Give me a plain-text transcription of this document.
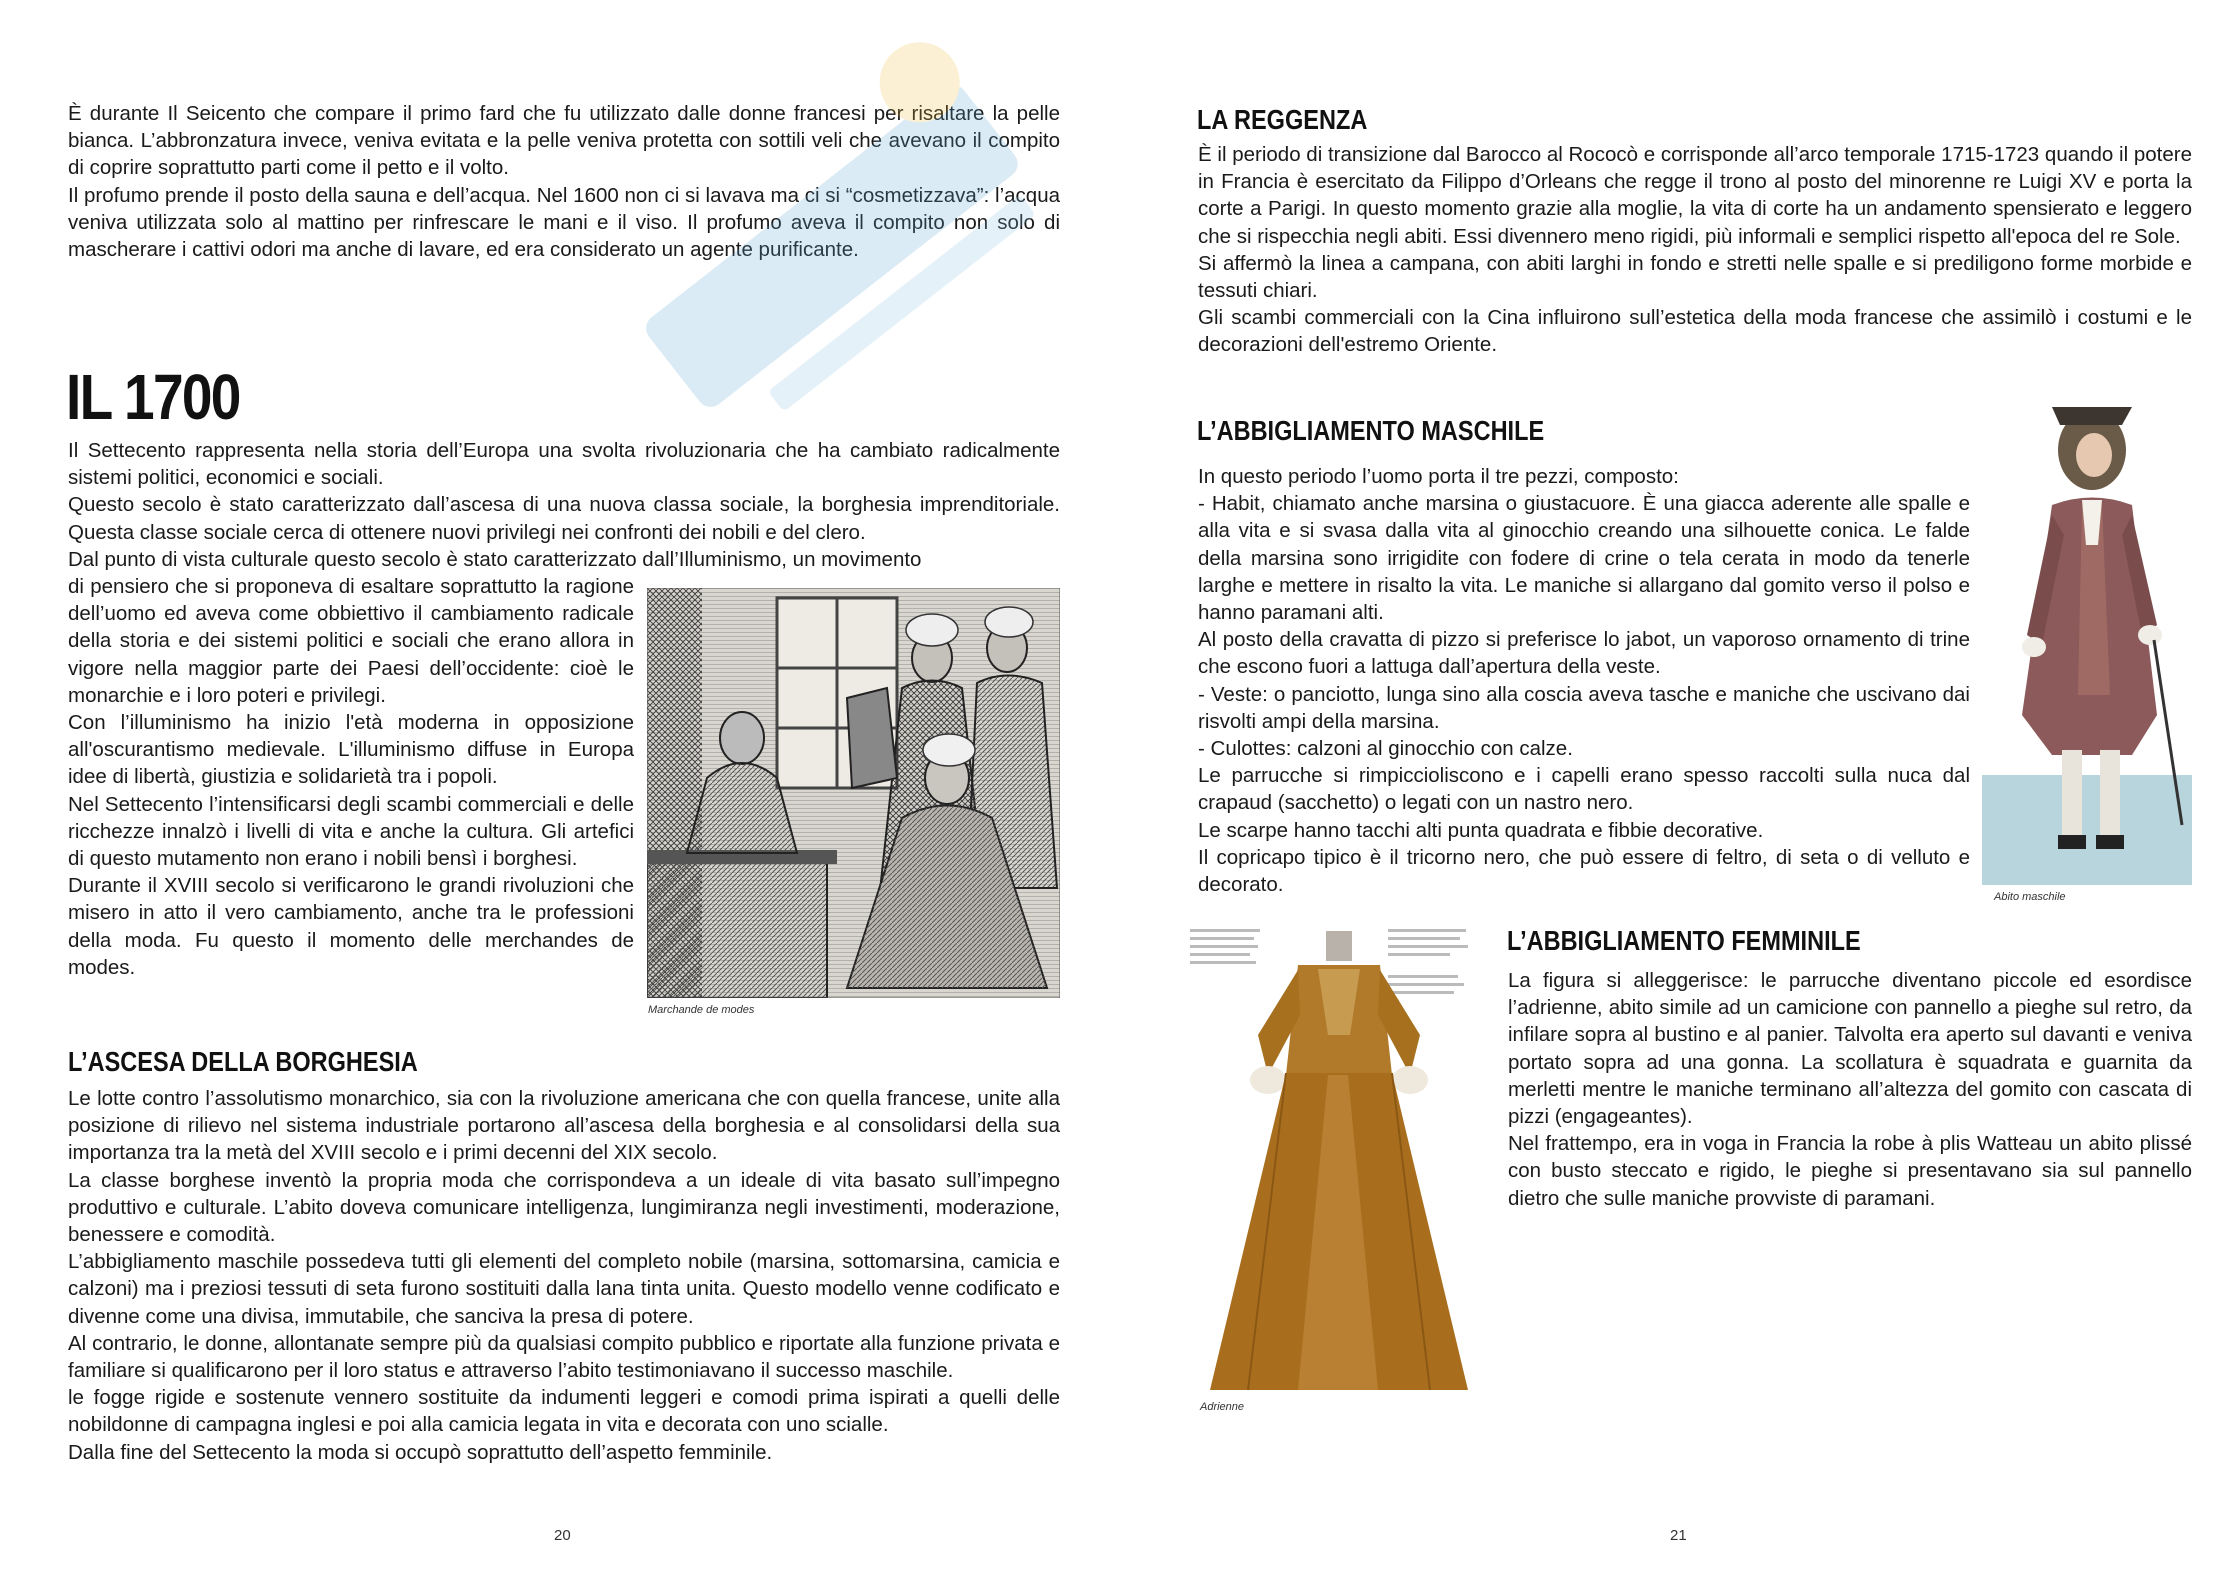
È durante Il Seicento che compare il primo fard che fu utilizzato dalle donne francesi per risaltare la pelle bianca. L’abbronzatura invece, veniva evitata e la pelle veniva protetta con sottili veli che avevano il compito di coprire soprattutto parti come il petto e il volto.

Il profumo prende il posto della sauna e dell’acqua. Nel 1600 non ci si lavava ma ci si “cosmetizzava”: l’acqua veniva utilizzata solo al mattino per rinfrescare le mani e il viso. Il profumo aveva il compito non solo di mascherare i cattivi odori ma anche di lavare, ed era considerato un agente purificante.

IL 1700

Il Settecento rappresenta nella storia dell’Europa una svolta rivoluzionaria che ha cambiato radicalmente sistemi politici, economici e sociali.

Questo secolo è stato caratterizzato dall’ascesa di una nuova classa sociale, la borghesia imprenditoriale. Questa classe sociale cerca di ottenere nuovi privilegi nei confronti dei nobili e del clero.

Dal punto di vista culturale questo secolo è stato caratterizzato dall’Illuminismo, un movimento

di pensiero che si proponeva di esaltare soprattutto la ragione dell’uomo ed aveva come obbiettivo il cambiamento radicale della storia e dei sistemi politici e sociali che erano allora in vigore nella maggior parte dei Paesi dell’occidente: cioè le monarchie e i loro poteri e privilegi.

Con l’illuminismo ha inizio l'età moderna in opposizione all'oscurantismo medievale. L'illuminismo diffuse in Europa idee di libertà, giustizia e solidarietà tra i popoli.

Nel Settecento l’intensificarsi degli scambi commerciali e delle ricchezze innalzò i livelli di vita e anche la cultura. Gli artefici di questo mutamento non erano i nobili bensì i borghesi.

Durante il XVIII secolo si verificarono le grandi rivoluzioni che misero in atto il vero cambiamento, anche tra le professioni della moda. Fu questo il momento delle merchandes de modes.

Marchande de modes

L’ASCESA DELLA BORGHESIA

Le lotte contro l’assolutismo monarchico, sia con la rivoluzione americana che con quella francese, unite alla posizione di rilievo nel sistema industriale portarono all’ascesa della borghesia e al consolidarsi della sua importanza tra la metà del XVIII secolo e i primi decenni del XIX secolo.

La classe borghese inventò la propria moda che corrispondeva a un ideale di vita basato sull’impegno produttivo e culturale. L’abito doveva comunicare intelligenza, lungimiranza negli investimenti, moderazione, benessere e comodità.

L’abbigliamento maschile possedeva tutti gli elementi del completo nobile (marsina, sottomarsina, camicia e calzoni) ma i preziosi tessuti di seta furono sostituiti dalla lana tinta unita. Questo modello venne codificato e divenne come una divisa, immutabile, che sanciva la presa di potere.

Al contrario, le donne, allontanate sempre più da qualsiasi compito pubblico e riportate alla funzione privata e familiare si qualificarono per il loro status e attraverso l’abito testimoniavano il successo maschile.

le fogge rigide e sostenute vennero sostituite da indumenti leggeri e comodi prima ispirati a quelli delle nobildonne di campagna inglesi e poi alla camicia legata in vita e decorata con uno scialle.

Dalla fine del Settecento la moda si occupò soprattutto dell’aspetto femminile.

20

LA REGGENZA

È il periodo di transizione dal Barocco al Rococò e corrisponde all’arco temporale 1715-1723 quando il potere in Francia è esercitato da Filippo d’Orleans che regge il trono al posto del minorenne re Luigi XV e porta la corte a Parigi. In questo momento grazie alla moglie, la vita di corte ha un andamento spensierato e leggero che si rispecchia negli abiti. Essi divennero meno rigidi, più informali e semplici rispetto all'epoca del re Sole.

Si affermò la linea a campana, con abiti larghi in fondo e stretti nelle spalle e si prediligono forme morbide e tessuti chiari.

Gli scambi commerciali con la Cina influirono sull’estetica della moda francese che assimilò i costumi e le decorazioni dell'estremo Oriente.

L’ABBIGLIAMENTO MASCHILE

In questo periodo l’uomo porta il tre pezzi, composto:

- Habit, chiamato anche marsina o giustacuore. È una giacca aderente alle spalle e alla vita e si svasa dalla vita al ginocchio creando una silhouette conica. Le falde della marsina sono irrigidite con fodere di crine o tela cerata in modo da tenerle larghe e mettere in risalto la vita. Le maniche si allargano dal gomito verso il polso e hanno paramani alti.

Al posto della cravatta di pizzo si preferisce lo jabot, un vaporoso ornamento di trine che escono fuori a lattuga dall’apertura della veste.

- Veste: o panciotto, lunga sino alla coscia aveva tasche e maniche che uscivano dai risvolti ampi della marsina.

- Culottes: calzoni al ginocchio con calze.

Le parrucche si rimpiccioliscono e i capelli erano spesso raccolti sulla nuca dal crapaud (sacchetto) o legati con un nastro nero.

Le scarpe hanno tacchi alti punta quadrata e fibbie decorative.

Il copricapo tipico è il tricorno nero, che può essere di feltro, di seta o di velluto e decorato.

Abito maschile

Adrienne

L’ABBIGLIAMENTO FEMMINILE

La figura si alleggerisce: le parrucche diventano piccole ed esordisce l’adrienne, abito simile ad un camicione con pannello a pieghe sul retro, da infilare sopra al bustino e al panier. Talvolta era aperto sul davanti e veniva portato sopra ad una gonna. La scollatura è squadrata e guarnita da merletti mentre le maniche terminano all’altezza del gomito con cascata di pizzi (engageantes).

Nel frattempo, era in voga in Francia la robe à plis Watteau un abito plissé con busto steccato e rigido, le pieghe si presentavano sia sul pannello dietro che sulle maniche provviste di paramani.

21
